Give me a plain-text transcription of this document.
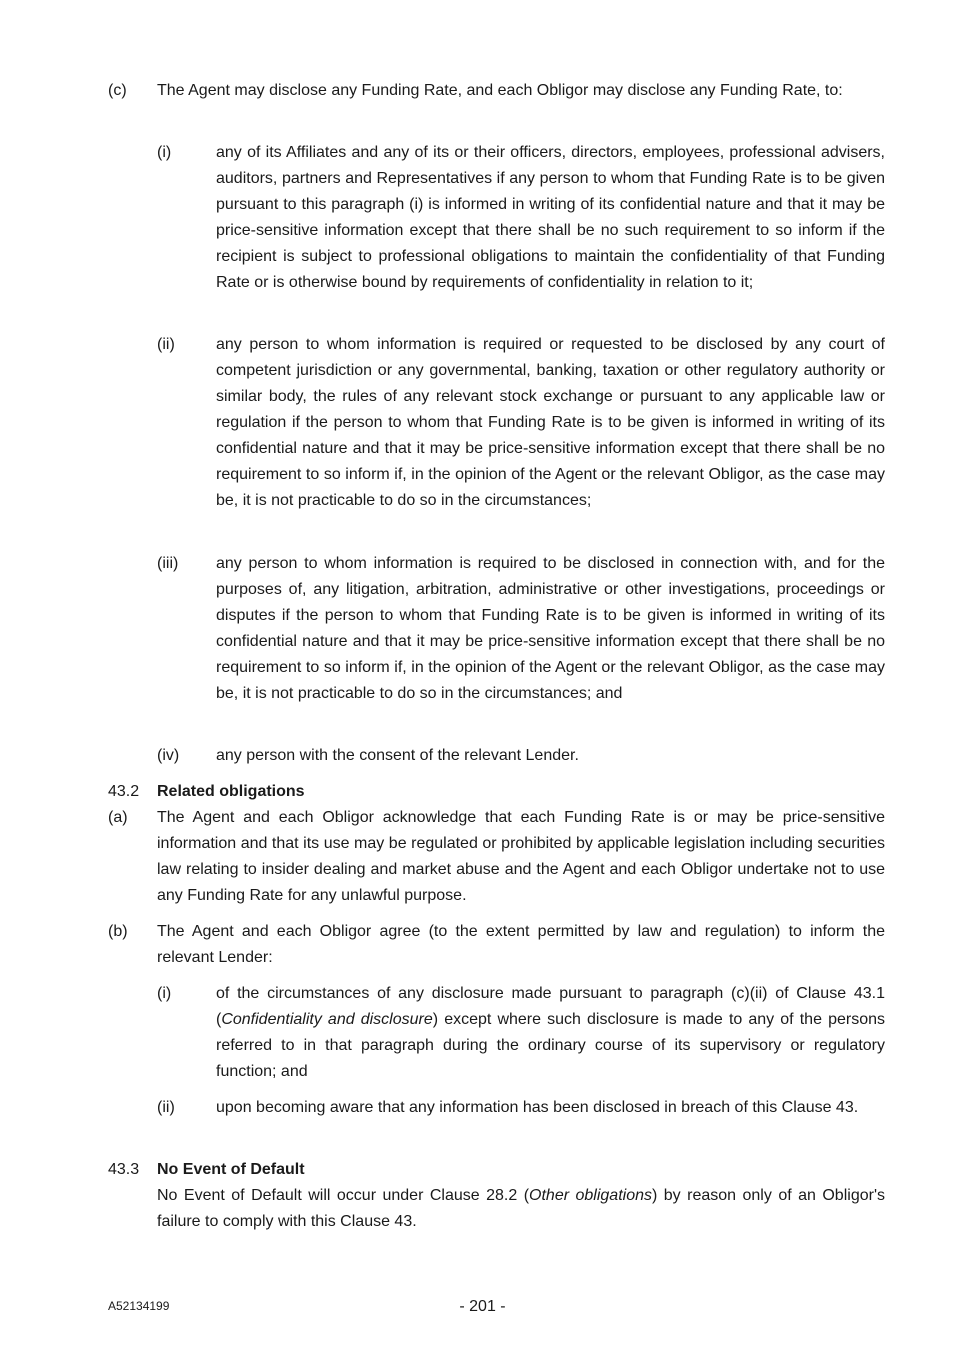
(c) The Agent may disclose any Funding Rate, and each Obligor may disclose any Funding Rate, to:
(i)	any of its Affiliates and any of its or their officers, directors, employees, professional advisers, auditors, partners and Representatives if any person to whom that Funding Rate is to be given pursuant to this paragraph (i) is informed in writing of its confidential nature and that it may be price-sensitive information except that there shall be no such requirement to so inform if the recipient is subject to professional obligations to maintain the confidentiality of that Funding Rate or is otherwise bound by requirements of confidentiality in relation to it;
(ii)	any person to whom information is required or requested to be disclosed by any court of competent jurisdiction or any governmental, banking, taxation or other regulatory authority or similar body, the rules of any relevant stock exchange or pursuant to any applicable law or regulation if the person to whom that Funding Rate is to be given is informed in writing of its confidential nature and that it may be price-sensitive information except that there shall be no requirement to so inform if, in the opinion of the Agent or the relevant Obligor, as the case may be, it is not practicable to do so in the circumstances;
(iii) any person to whom information is required to be disclosed in connection with, and for the purposes of, any litigation, arbitration, administrative or other investigations, proceedings or disputes if the person to whom that Funding Rate is to be given is informed in writing of its confidential nature and that it may be price-sensitive information except that there shall be no requirement to so inform if, in the opinion of the Agent or the relevant Obligor, as the case may be, it is not practicable to do so in the circumstances; and
(iv) any person with the consent of the relevant Lender.
43.2 Related obligations
(a) The Agent and each Obligor acknowledge that each Funding Rate is or may be price-sensitive information and that its use may be regulated or prohibited by applicable legislation including securities law relating to insider dealing and market abuse and the Agent and each Obligor undertake not to use any Funding Rate for any unlawful purpose.
(b) The Agent and each Obligor agree (to the extent permitted by law and regulation) to inform the relevant Lender:
(i)	of the circumstances of any disclosure made pursuant to paragraph (c)(ii) of Clause 43.1 (Confidentiality and disclosure) except where such disclosure is made to any of the persons referred to in that paragraph during the ordinary course of its supervisory or regulatory function; and
(ii)	upon becoming aware that any information has been disclosed in breach of this Clause 43.
43.3 No Event of Default
No Event of Default will occur under Clause 28.2 (Other obligations) by reason only of an Obligor's failure to comply with this Clause 43.
A52134199	- 201 -
